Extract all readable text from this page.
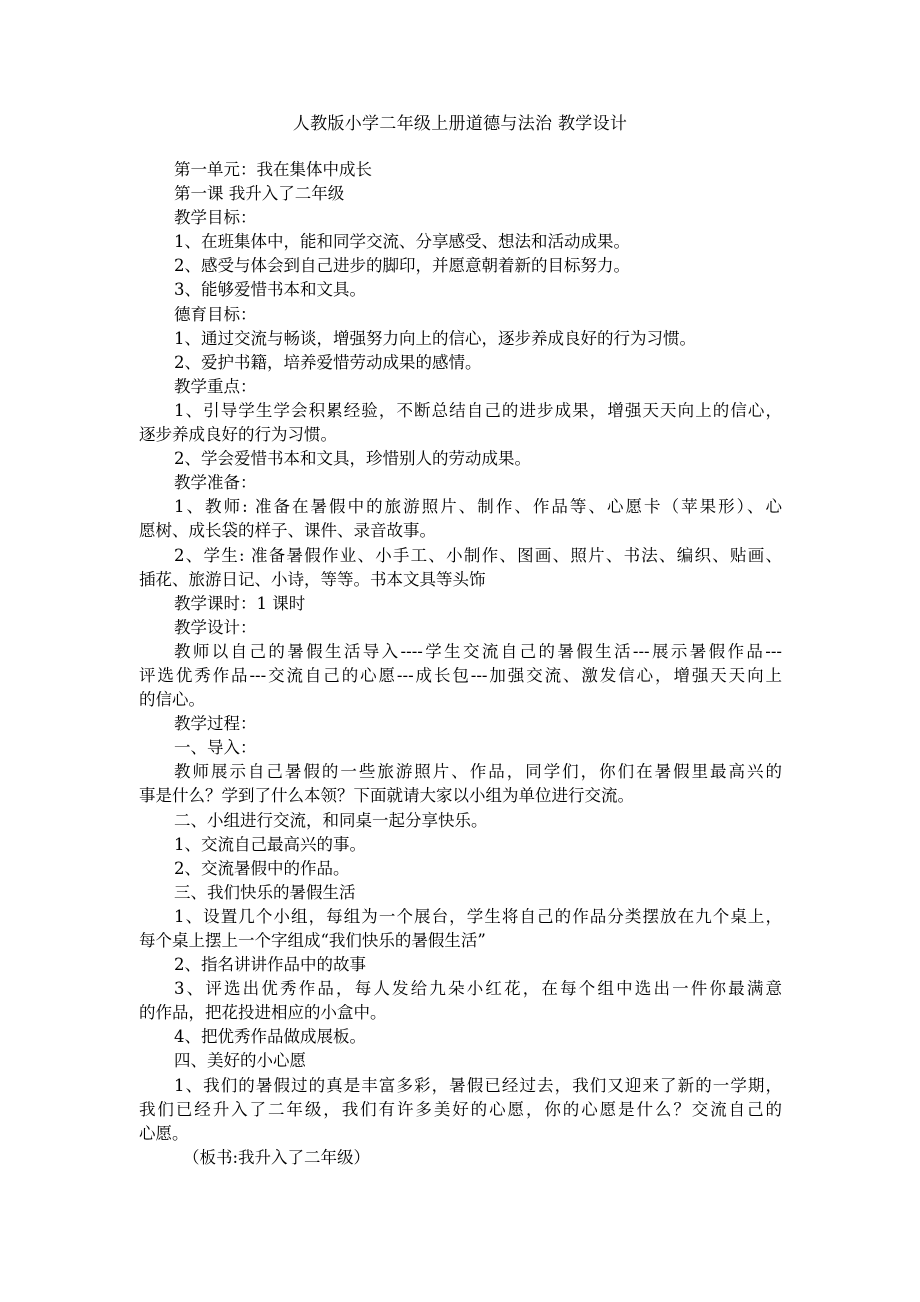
人教版小学二年级上册道德与法治 教学设计
第一单元：我在集体中成长
第一课 我升入了二年级
教学目标：
1、在班集体中，能和同学交流、分享感受、想法和活动成果。
2、感受与体会到自己进步的脚印，并愿意朝着新的目标努力。
3、能够爱惜书本和文具。
德育目标：
1、通过交流与畅谈，增强努力向上的信心，逐步养成良好的行为习惯。
2、爱护书籍，培养爱惜劳动成果的感情。
教学重点：
1、引导学生学会积累经验，不断总结自己的进步成果，增强天天向上的信心，
逐步养成良好的行为习惯。
2、学会爱惜书本和文具，珍惜别人的劳动成果。
教学准备：
1、教师: 准备在暑假中的旅游照片、制作、作品等、心愿卡（苹果形）、心
愿树、成长袋的样子、课件、录音故事。
2、学生: 准备暑假作业、小手工、小制作、图画、照片、书法、编织、贴画、
插花、旅游日记、小诗，等等。书本文具等头饰
教学课时：1 课时
教学设计：
教师以自己的暑假生活导入----学生交流自己的暑假生活---展示暑假作品---
评选优秀作品---交流自己的心愿---成长包---加强交流、激发信心，增强天天向上
的信心。
教学过程：
一、导入：
教师展示自己暑假的一些旅游照片、作品，同学们，你们在暑假里最高兴的
事是什么？学到了什么本领？下面就请大家以小组为单位进行交流。
二、小组进行交流，和同桌一起分享快乐。
1、交流自己最高兴的事。
2、交流暑假中的作品。
三、我们快乐的暑假生活
1、设置几个小组，每组为一个展台，学生将自己的作品分类摆放在九个桌上，
每个桌上摆上一个字组成“我们快乐的暑假生活”
2、指名讲讲作品中的故事
3、评选出优秀作品，每人发给九朵小红花，在每个组中选出一件你最满意
的作品，把花投进相应的小盒中。
4、把优秀作品做成展板。
四、美好的小心愿
1、我们的暑假过的真是丰富多彩，暑假已经过去，我们又迎来了新的一学期，
我们已经升入了二年级，我们有许多美好的心愿，你的心愿是什么？交流自己的
心愿。
（板书:我升入了二年级）
